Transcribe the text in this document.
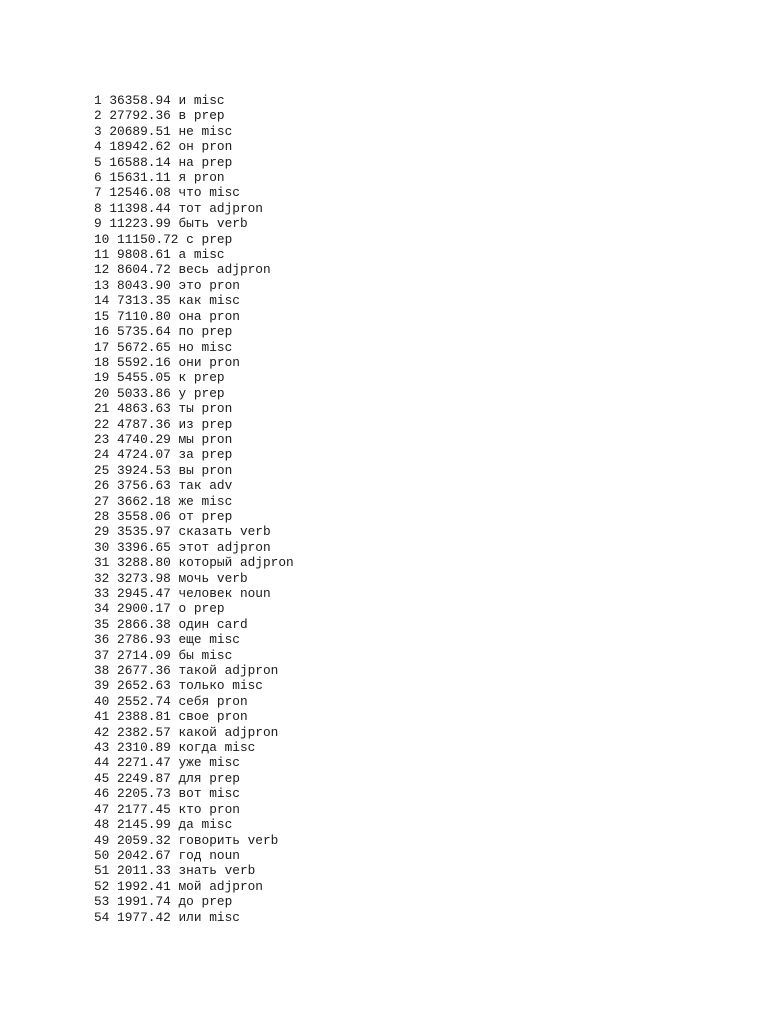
1 36358.94 и misc
2 27792.36 в prep
3 20689.51 не misc
4 18942.62 он pron
5 16588.14 на prep
6 15631.11 я pron
7 12546.08 что misc
8 11398.44 тот adjpron
9 11223.99 быть verb
10 11150.72 с prep
11 9808.61 а misc
12 8604.72 весь adjpron
13 8043.90 это pron
14 7313.35 как misc
15 7110.80 она pron
16 5735.64 по prep
17 5672.65 но misc
18 5592.16 они pron
19 5455.05 к prep
20 5033.86 у prep
21 4863.63 ты pron
22 4787.36 из prep
23 4740.29 мы pron
24 4724.07 за prep
25 3924.53 вы pron
26 3756.63 так adv
27 3662.18 же misc
28 3558.06 от prep
29 3535.97 сказать verb
30 3396.65 этот adjpron
31 3288.80 который adjpron
32 3273.98 мочь verb
33 2945.47 человек noun
34 2900.17 о prep
35 2866.38 один card
36 2786.93 еще misc
37 2714.09 бы misc
38 2677.36 такой adjpron
39 2652.63 только misc
40 2552.74 себя pron
41 2388.81 свое pron
42 2382.57 какой adjpron
43 2310.89 когда misc
44 2271.47 уже misc
45 2249.87 для prep
46 2205.73 вот misc
47 2177.45 кто pron
48 2145.99 да misc
49 2059.32 говорить verb
50 2042.67 год noun
51 2011.33 знать verb
52 1992.41 мой adjpron
53 1991.74 до prep
54 1977.42 или misc
